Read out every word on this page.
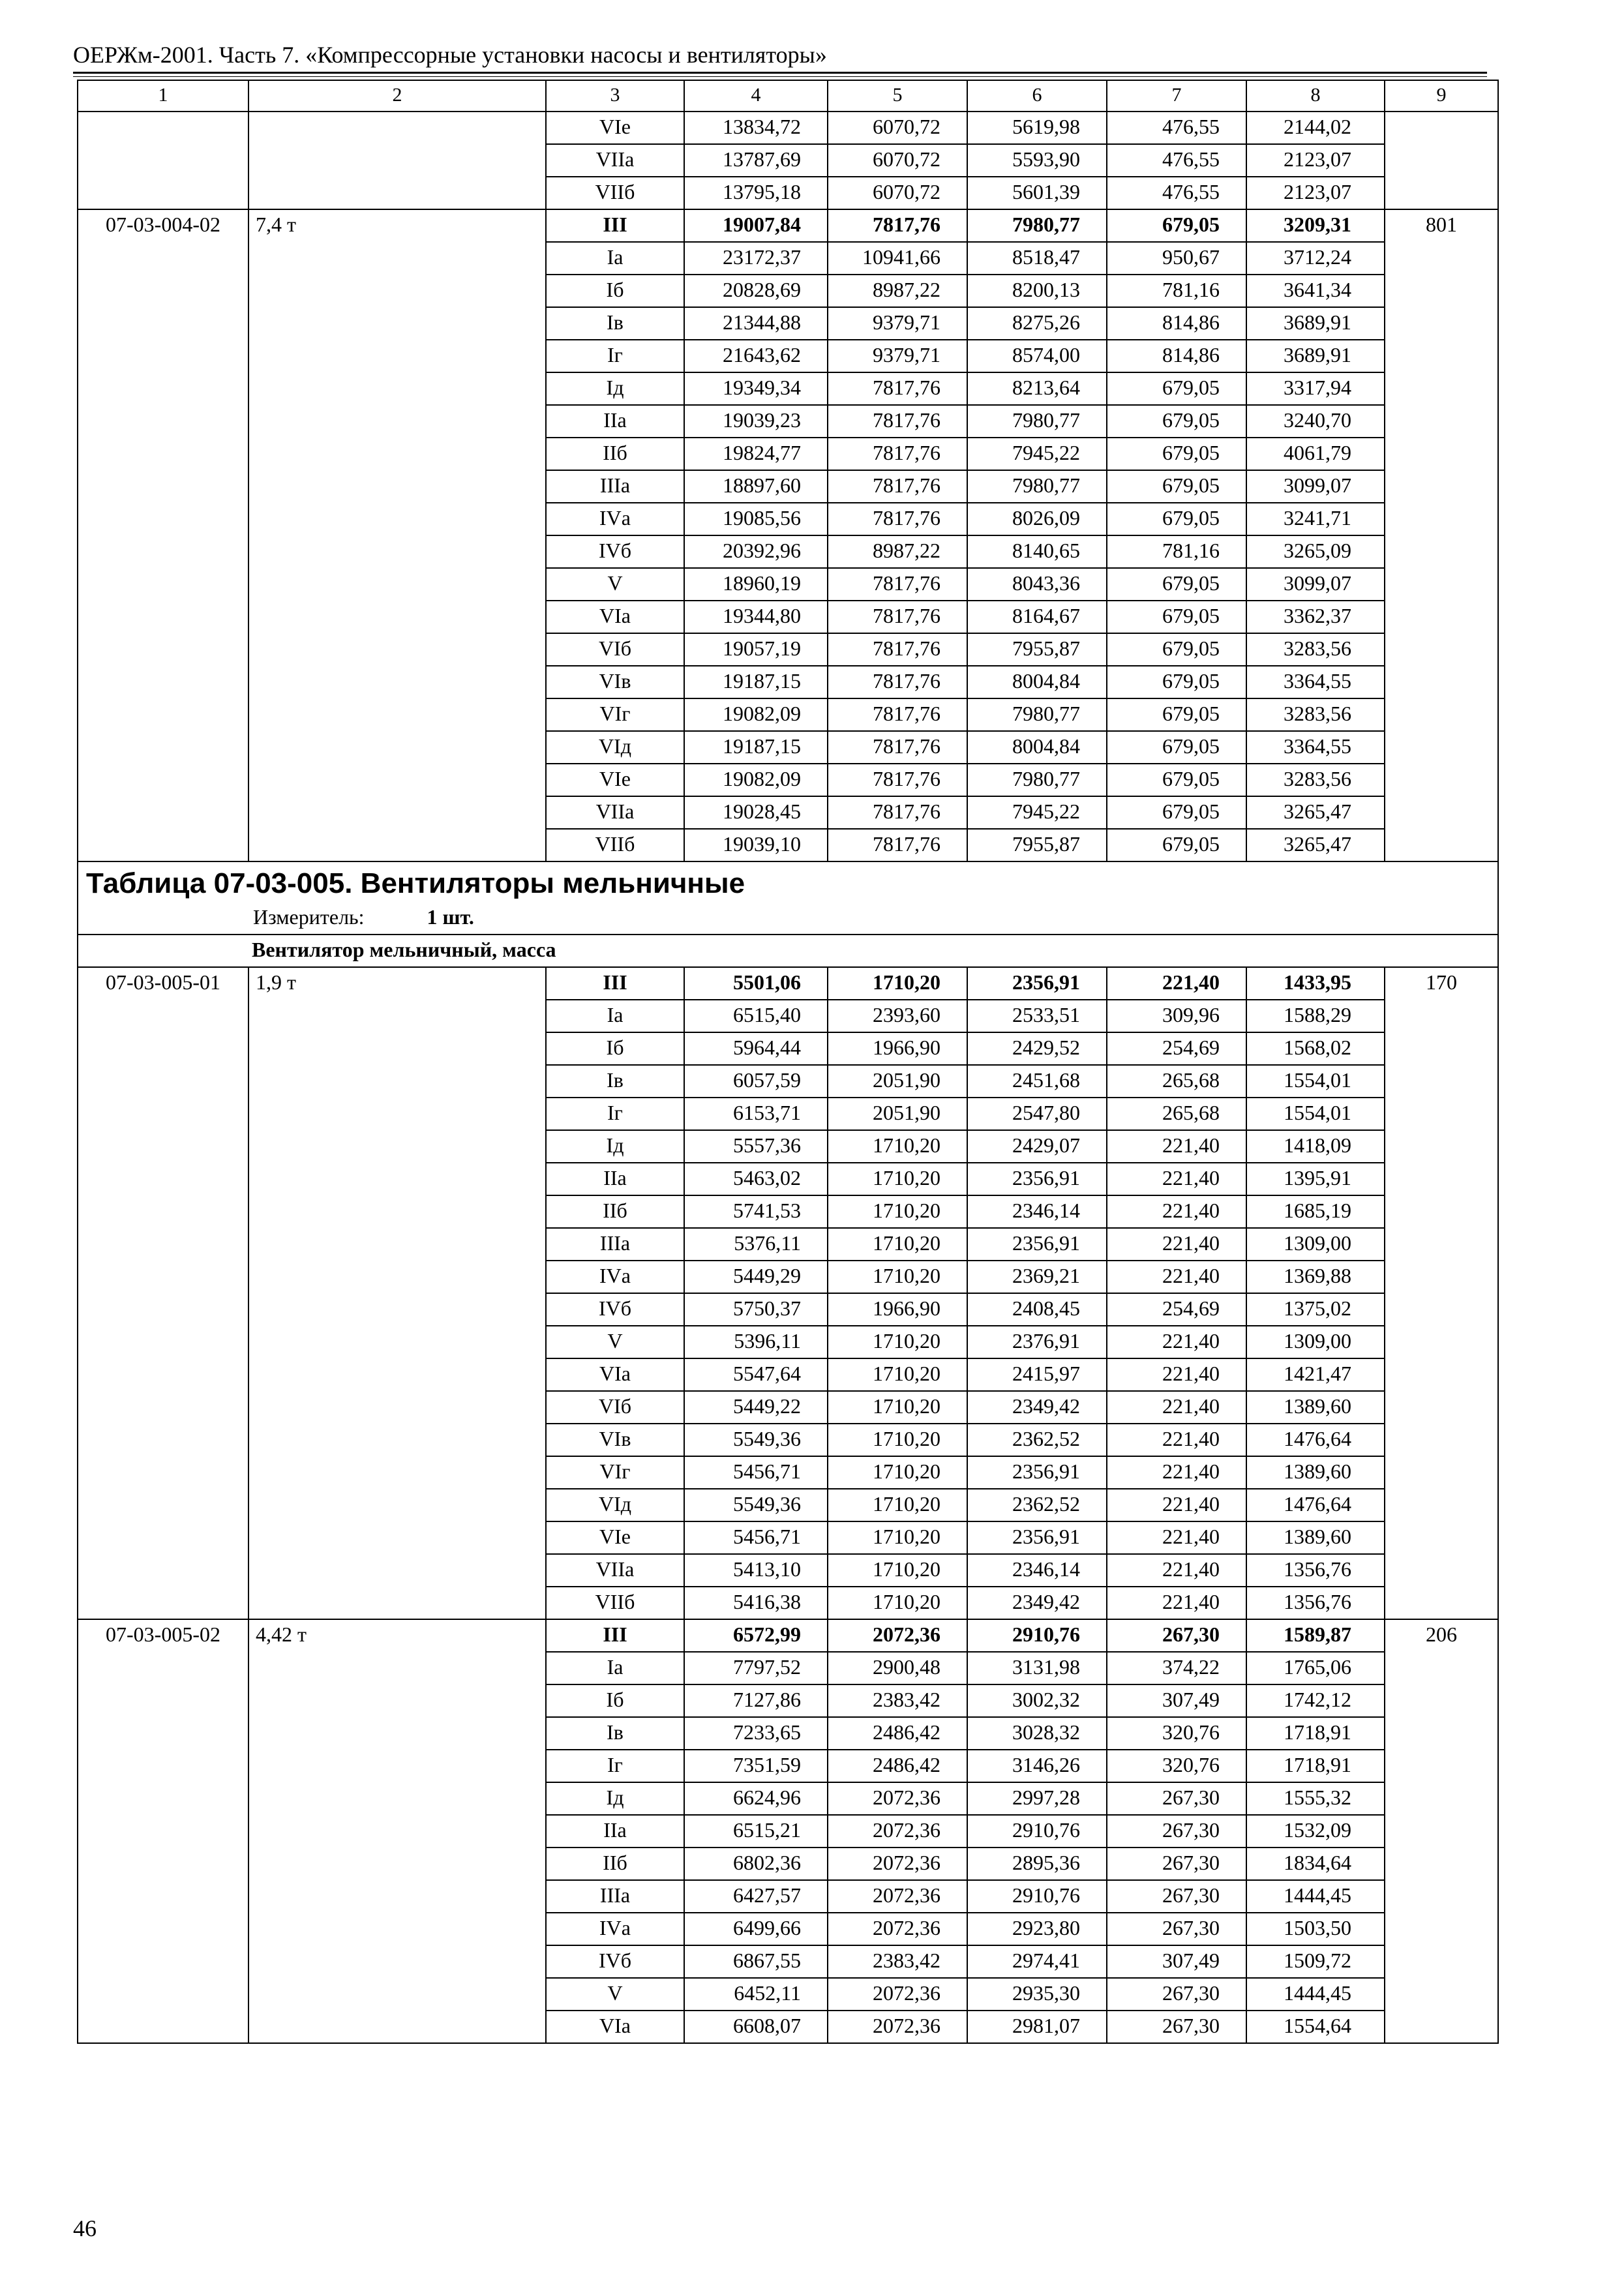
ОЕРЖм-2001. Часть 7. «Компрессорные установки насосы и вентиляторы»
1	2	3	4	5	6	7	8	9
		VIе	13834,72	6070,72	5619,98	476,55	2144,02	
		VIIа	13787,69	6070,72	5593,90	476,55	2123,07	
		VIIб	13795,18	6070,72	5601,39	476,55	2123,07	
07-03-004-02	7,4 т	III	19007,84	7817,76	7980,77	679,05	3209,31	801
		Iа	23172,37	10941,66	8518,47	950,67	3712,24	
		Iб	20828,69	8987,22	8200,13	781,16	3641,34	
		Iв	21344,88	9379,71	8275,26	814,86	3689,91	
		Iг	21643,62	9379,71	8574,00	814,86	3689,91	
		Iд	19349,34	7817,76	8213,64	679,05	3317,94	
		IIа	19039,23	7817,76	7980,77	679,05	3240,70	
		IIб	19824,77	7817,76	7945,22	679,05	4061,79	
		IIIа	18897,60	7817,76	7980,77	679,05	3099,07	
		IVа	19085,56	7817,76	8026,09	679,05	3241,71	
		IVб	20392,96	8987,22	8140,65	781,16	3265,09	
		V	18960,19	7817,76	8043,36	679,05	3099,07	
		VIа	19344,80	7817,76	8164,67	679,05	3362,37	
		VIб	19057,19	7817,76	7955,87	679,05	3283,56	
		VIв	19187,15	7817,76	8004,84	679,05	3364,55	
		VIг	19082,09	7817,76	7980,77	679,05	3283,56	
		VIд	19187,15	7817,76	8004,84	679,05	3364,55	
		VIе	19082,09	7817,76	7980,77	679,05	3283,56	
		VIIа	19028,45	7817,76	7945,22	679,05	3265,47	
		VIIб	19039,10	7817,76	7955,87	679,05	3265,47	

Таблица 07-03-005. Вентиляторы мельничные
Измеритель: 1 шт.								

Вентилятор мельничный, масса								
07-03-005-01	1,9 т	III	5501,06	1710,20	2356,91	221,40	1433,95	170
		Iа	6515,40	2393,60	2533,51	309,96	1588,29	
		Iб	5964,44	1966,90	2429,52	254,69	1568,02	
		Iв	6057,59	2051,90	2451,68	265,68	1554,01	
		Iг	6153,71	2051,90	2547,80	265,68	1554,01	
		Iд	5557,36	1710,20	2429,07	221,40	1418,09	
		IIа	5463,02	1710,20	2356,91	221,40	1395,91	
		IIб	5741,53	1710,20	2346,14	221,40	1685,19	
		IIIа	5376,11	1710,20	2356,91	221,40	1309,00	
		IVа	5449,29	1710,20	2369,21	221,40	1369,88	
		IVб	5750,37	1966,90	2408,45	254,69	1375,02	
		V	5396,11	1710,20	2376,91	221,40	1309,00	
		VIа	5547,64	1710,20	2415,97	221,40	1421,47	
		VIб	5449,22	1710,20	2349,42	221,40	1389,60	
		VIв	5549,36	1710,20	2362,52	221,40	1476,64	
		VIг	5456,71	1710,20	2356,91	221,40	1389,60	
		VIд	5549,36	1710,20	2362,52	221,40	1476,64	
		VIе	5456,71	1710,20	2356,91	221,40	1389,60	
		VIIа	5413,10	1710,20	2346,14	221,40	1356,76	
		VIIб	5416,38	1710,20	2349,42	221,40	1356,76	
07-03-005-02	4,42 т	III	6572,99	2072,36	2910,76	267,30	1589,87	206
		Iа	7797,52	2900,48	3131,98	374,22	1765,06	
		Iб	7127,86	2383,42	3002,32	307,49	1742,12	
		Iв	7233,65	2486,42	3028,32	320,76	1718,91	
		Iг	7351,59	2486,42	3146,26	320,76	1718,91	
		Iд	6624,96	2072,36	2997,28	267,30	1555,32	
		IIа	6515,21	2072,36	2910,76	267,30	1532,09	
		IIб	6802,36	2072,36	2895,36	267,30	1834,64	
		IIIа	6427,57	2072,36	2910,76	267,30	1444,45	
		IVа	6499,66	2072,36	2923,80	267,30	1503,50	
		IVб	6867,55	2383,42	2974,41	307,49	1509,72	
		V	6452,11	2072,36	2935,30	267,30	1444,45	
		VIа	6608,07	2072,36	2981,07	267,30	1554,64	
46
